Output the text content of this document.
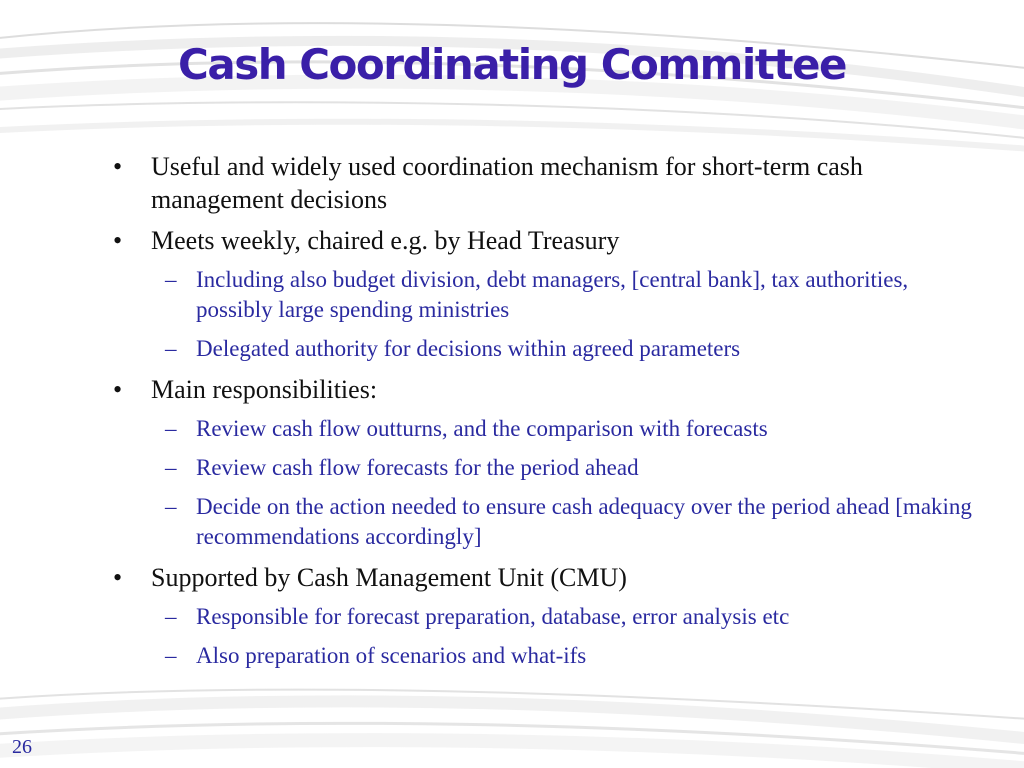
Cash Coordinating Committee
• Useful and widely used coordination mechanism for short-term cash management decisions
• Meets weekly, chaired e.g. by Head Treasury
– Including also budget division, debt managers, [central bank], tax authorities, possibly large spending ministries
– Delegated authority for decisions within agreed parameters
• Main responsibilities:
– Review cash flow outturns, and the comparison with forecasts
– Review cash flow forecasts for the period ahead
– Decide on the action needed to ensure cash adequacy over the period ahead [making recommendations accordingly]
• Supported by Cash Management Unit (CMU)
– Responsible for forecast preparation, database, error analysis etc
– Also preparation of scenarios and what-ifs
26
